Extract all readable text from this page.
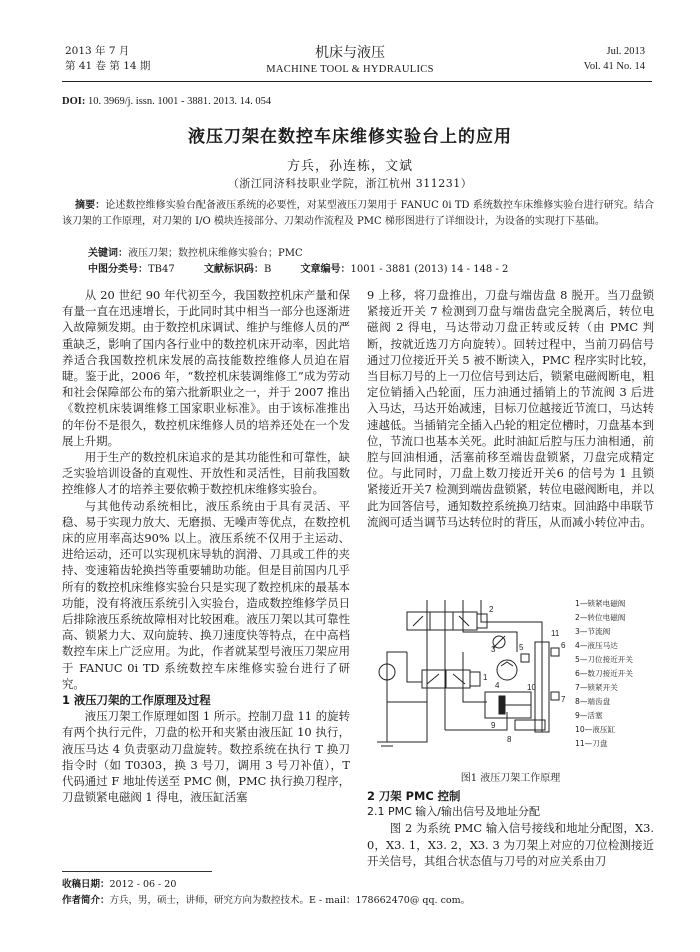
2013 年 7 月
第 41 卷 第 14 期
机床与液压
MACHINE TOOL & HYDRAULICS
Jul. 2013
Vol. 41 No. 14
DOI: 10. 3969/j. issn. 1001 - 3881. 2013. 14. 054
液压刀架在数控车床维修实验台上的应用
方兵，孙连栋，文斌
（浙江同济科技职业学院，浙江杭州 311231）
摘要：论述数控维修实验台配备液压系统的必要性，对某型液压刀架用于 FANUC 0i TD 系统数控车床维修实验台进行研究。结合该刀架的工作原理，对刀架的 I/O 模块连接部分、刀架动作流程及 PMC 梯形图进行了详细设计，为设备的实现打下基础。
关键词：液压刀架；数控机床维修实验台；PMC
中图分类号：TB47	文献标识码：B	文章编号：1001 - 3881 (2013) 14 - 148 - 2

从 20 世纪 90 年代初至今，我国数控机床产量和保有量一直在迅速增长，于此同时其中相当一部分也逐渐进入故障频发期。由于数控机床调试、维护与维修人员的严重缺乏，影响了国内各行业中的数控机床开动率，因此培养适合我国数控机床发展的高技能数控维修人员迫在眉睫。鉴于此，2006 年，“数控机床装调维修工”成为劳动和社会保障部公布的第六批新职业之一，并于 2007 推出《数控机床装调维修工国家职业标准》。由于该标准推出的年份不是很久，数控机床维修人员的培养还处在一个发展上升期。

用于生产的数控机床追求的是其功能性和可靠性，缺乏实验培训设备的直观性、开放性和灵活性，目前我国数控维修人才的培养主要依赖于数控机床维修实验台。

与其他传动系统相比，液压系统由于具有灵活、平稳、易于实现力放大、无磨损、无噪声等优点，在数控机床的应用率高达90% 以上。液压系统不仅用于主运动、进给运动，还可以实现机床导轨的润滑、刀具或工件的夹持、变速箱齿轮换挡等重要辅助功能。但是目前国内几乎所有的数控机床维修实验台只是实现了数控机床的最基本功能，没有将液压系统引入实验台，造成数控维修学员日后排除液压系统故障相对比较困难。液压刀架以其可靠性高、锁紧力大、双向旋转、换刀速度快等特点，在中高档数控车床上广泛应用。为此，作者就某型号液压刀架应用于 FANUC 0i TD 系统数控车床维修实验台进行了研究。

1 液压刀架的工作原理及过程

液压刀架工作原理如图 1 所示。控制刀盘 11 的旋转有两个执行元件，刀盘的松开和夹紧由液压缸 10 执行，液压马达 4 负责驱动刀盘旋转。数控系统在执行 T 换刀指令时（如 T0303，换 3 号刀，调用 3 号刀补值），T 代码通过 F 地址传送至 PMC 侧，PMC 执行换刀程序，刀盘锁紧电磁阀 1 得电，液压缸活塞

9 上移，将刀盘推出，刀盘与端齿盘 8 脱开。当刀盘锁紧接近开关 7 检测到刀盘与端齿盘完全脱离后，转位电磁阀 2 得电，马达带动刀盘正转或反转（由 PMC 判断，按就近选刀方向旋转）。回转过程中，当前刀码信号通过刀位接近开关 5 被不断读入，PMC 程序实时比较，当目标刀号的上一刀位信号到达后，锁紧电磁阀断电，粗定位销插入凸轮面，压力油通过插销上的节流阀 3 后进入马达，马达开始减速，目标刀位越接近节流口，马达转速越低。当插销完全插入凸轮的粗定位槽时，刀盘基本到位，节流口也基本关死。此时油缸后腔与压力油相通，前腔与回油相通，活塞前移至端齿盘锁紧，刀盘完成精定位。与此同时，刀盘上数刀接近开关6 的信号为 1 且锁紧接近开关7 检测到端齿盘锁紧，转位电磁阀断电，并以此为回答信号，通知数控系统换刀结束。回油路中串联节流阀可适当调节马达转位时的背压，从而减小转位冲击。

1
2
3
4
5	6
7
8
9
10
11
1—锁紧电磁阀
2—转位电磁阀
3—节流阀
4—液压马达
5—刀位接近开关
6—数刀接近开关
7—锁紧开关
8—端齿盘
9—活塞
10—液压缸
11—刀盘
图1 液压刀架工作原理

2 刀架 PMC 控制

2.1 PMC 输入/输出信号及地址分配

图 2 为系统 PMC 输入信号接线和地址分配图，X3. 0，X3. 1，X3. 2，X3. 3 为刀架上对应的刀位检测接近开关信号，其组合状态值与刀号的对应关系由刀

收稿日期：2012 - 06 - 20
作者简介：方兵，男，硕士，讲师，研究方向为数控技术。E - mail：178662470@ qq. com。
